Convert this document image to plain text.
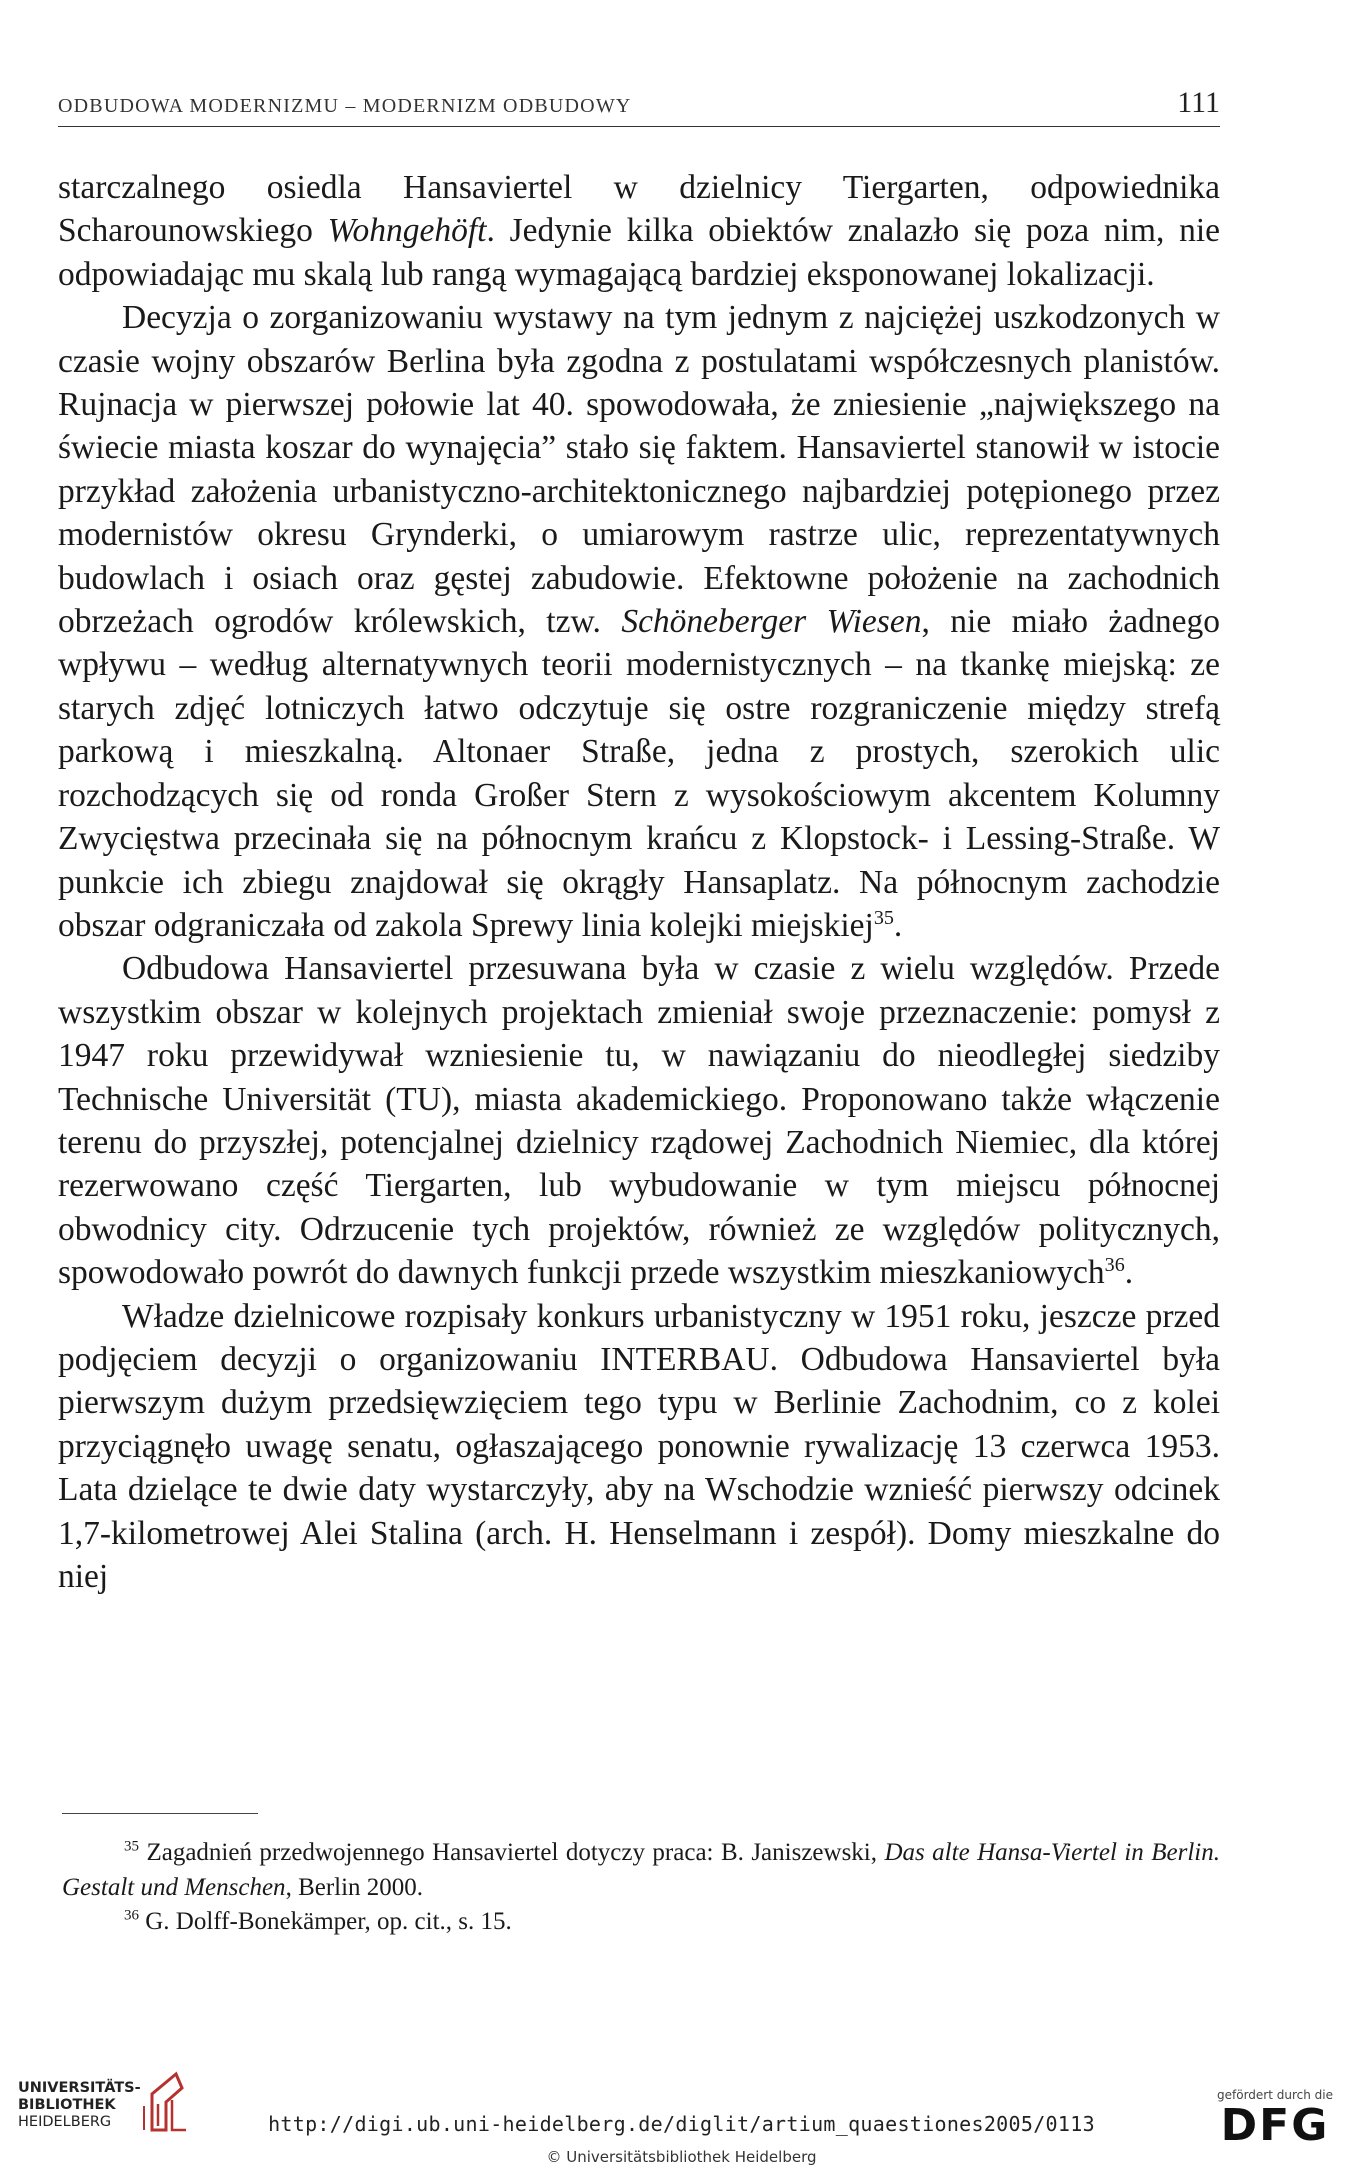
ODBUDOWA MODERNIZMU – MODERNIZM ODBUDOWY	111

starczalnego osiedla Hansaviertel w dzielnicy Tiergarten, odpowiednika Scharounowskiego Wohngehöft. Jedynie kilka obiektów znalazło się poza nim, nie odpowiadając mu skalą lub rangą wymagającą bardziej eksponowanej lokalizacji.

Decyzja o zorganizowaniu wystawy na tym jednym z najciężej uszkodzonych w czasie wojny obszarów Berlina była zgodna z postulatami współczesnych planistów. Rujnacja w pierwszej połowie lat 40. spowodowała, że zniesienie „największego na świecie miasta koszar do wynajęcia” stało się faktem. Hansaviertel stanowił w istocie przykład założenia urbanistyczno-architektonicznego najbardziej potępionego przez modernistów okresu Grynderki, o umiarowym rastrze ulic, reprezentatywnych budowlach i osiach oraz gęstej zabudowie. Efektowne położenie na zachodnich obrzeżach ogrodów królewskich, tzw. Schöneberger Wiesen, nie miało żadnego wpływu – według alternatywnych teorii modernistycznych – na tkankę miejską: ze starych zdjęć lotniczych łatwo odczytuje się ostre rozgraniczenie między strefą parkową i mieszkalną. Altonaer Straße, jedna z prostych, szerokich ulic rozchodzących się od ronda Großer Stern z wysokościowym akcentem Kolumny Zwycięstwa przecinała się na północnym krańcu z Klopstock- i Lessing-Straße. W punkcie ich zbiegu znajdował się okrągły Hansaplatz. Na północnym zachodzie obszar odgraniczała od zakola Sprewy linia kolejki miejskiej$^{35}$.

Odbudowa Hansaviertel przesuwana była w czasie z wielu względów. Przede wszystkim obszar w kolejnych projektach zmieniał swoje przeznaczenie: pomysł z 1947 roku przewidywał wzniesienie tu, w nawiązaniu do nieodległej siedziby Technische Universität (TU), miasta akademickiego. Proponowano także włączenie terenu do przyszłej, potencjalnej dzielnicy rządowej Zachodnich Niemiec, dla której rezerwowano część Tiergarten, lub wybudowanie w tym miejscu północnej obwodnicy city. Odrzucenie tych projektów, również ze względów politycznych, spowodowało powrót do dawnych funkcji przede wszystkim mieszkaniowych$^{36}$.

Władze dzielnicowe rozpisały konkurs urbanistyczny w 1951 roku, jeszcze przed podjęciem decyzji o organizowaniu INTERBAU. Odbudowa Hansaviertel była pierwszym dużym przedsięwzięciem tego typu w Berlinie Zachodnim, co z kolei przyciągnęło uwagę senatu, ogłaszającego ponownie rywalizację 13 czerwca 1953. Lata dzielące te dwie daty wystarczyły, aby na Wschodzie wznieść pierwszy odcinek 1,7-kilometrowej Alei Stalina (arch. H. Henselmann i zespół). Domy mieszkalne do niej

$^{35}$ Zagadnień przedwojennego Hansaviertel dotyczy praca: B. Janiszewski, Das alte Hansa-Viertel in Berlin. Gestalt und Menschen, Berlin 2000.

$^{36}$ G. Dolff-Bonekämper, op. cit., s. 15.

UNIVERSITÄTS-
BIBLIOTHEK
HEIDELBERG	http://digi.ub.uni-heidelberg.de/diglit/artium_quaestiones2005/0113
© Universitätsbibliothek Heidelberg
gefördert durch die
DFG
